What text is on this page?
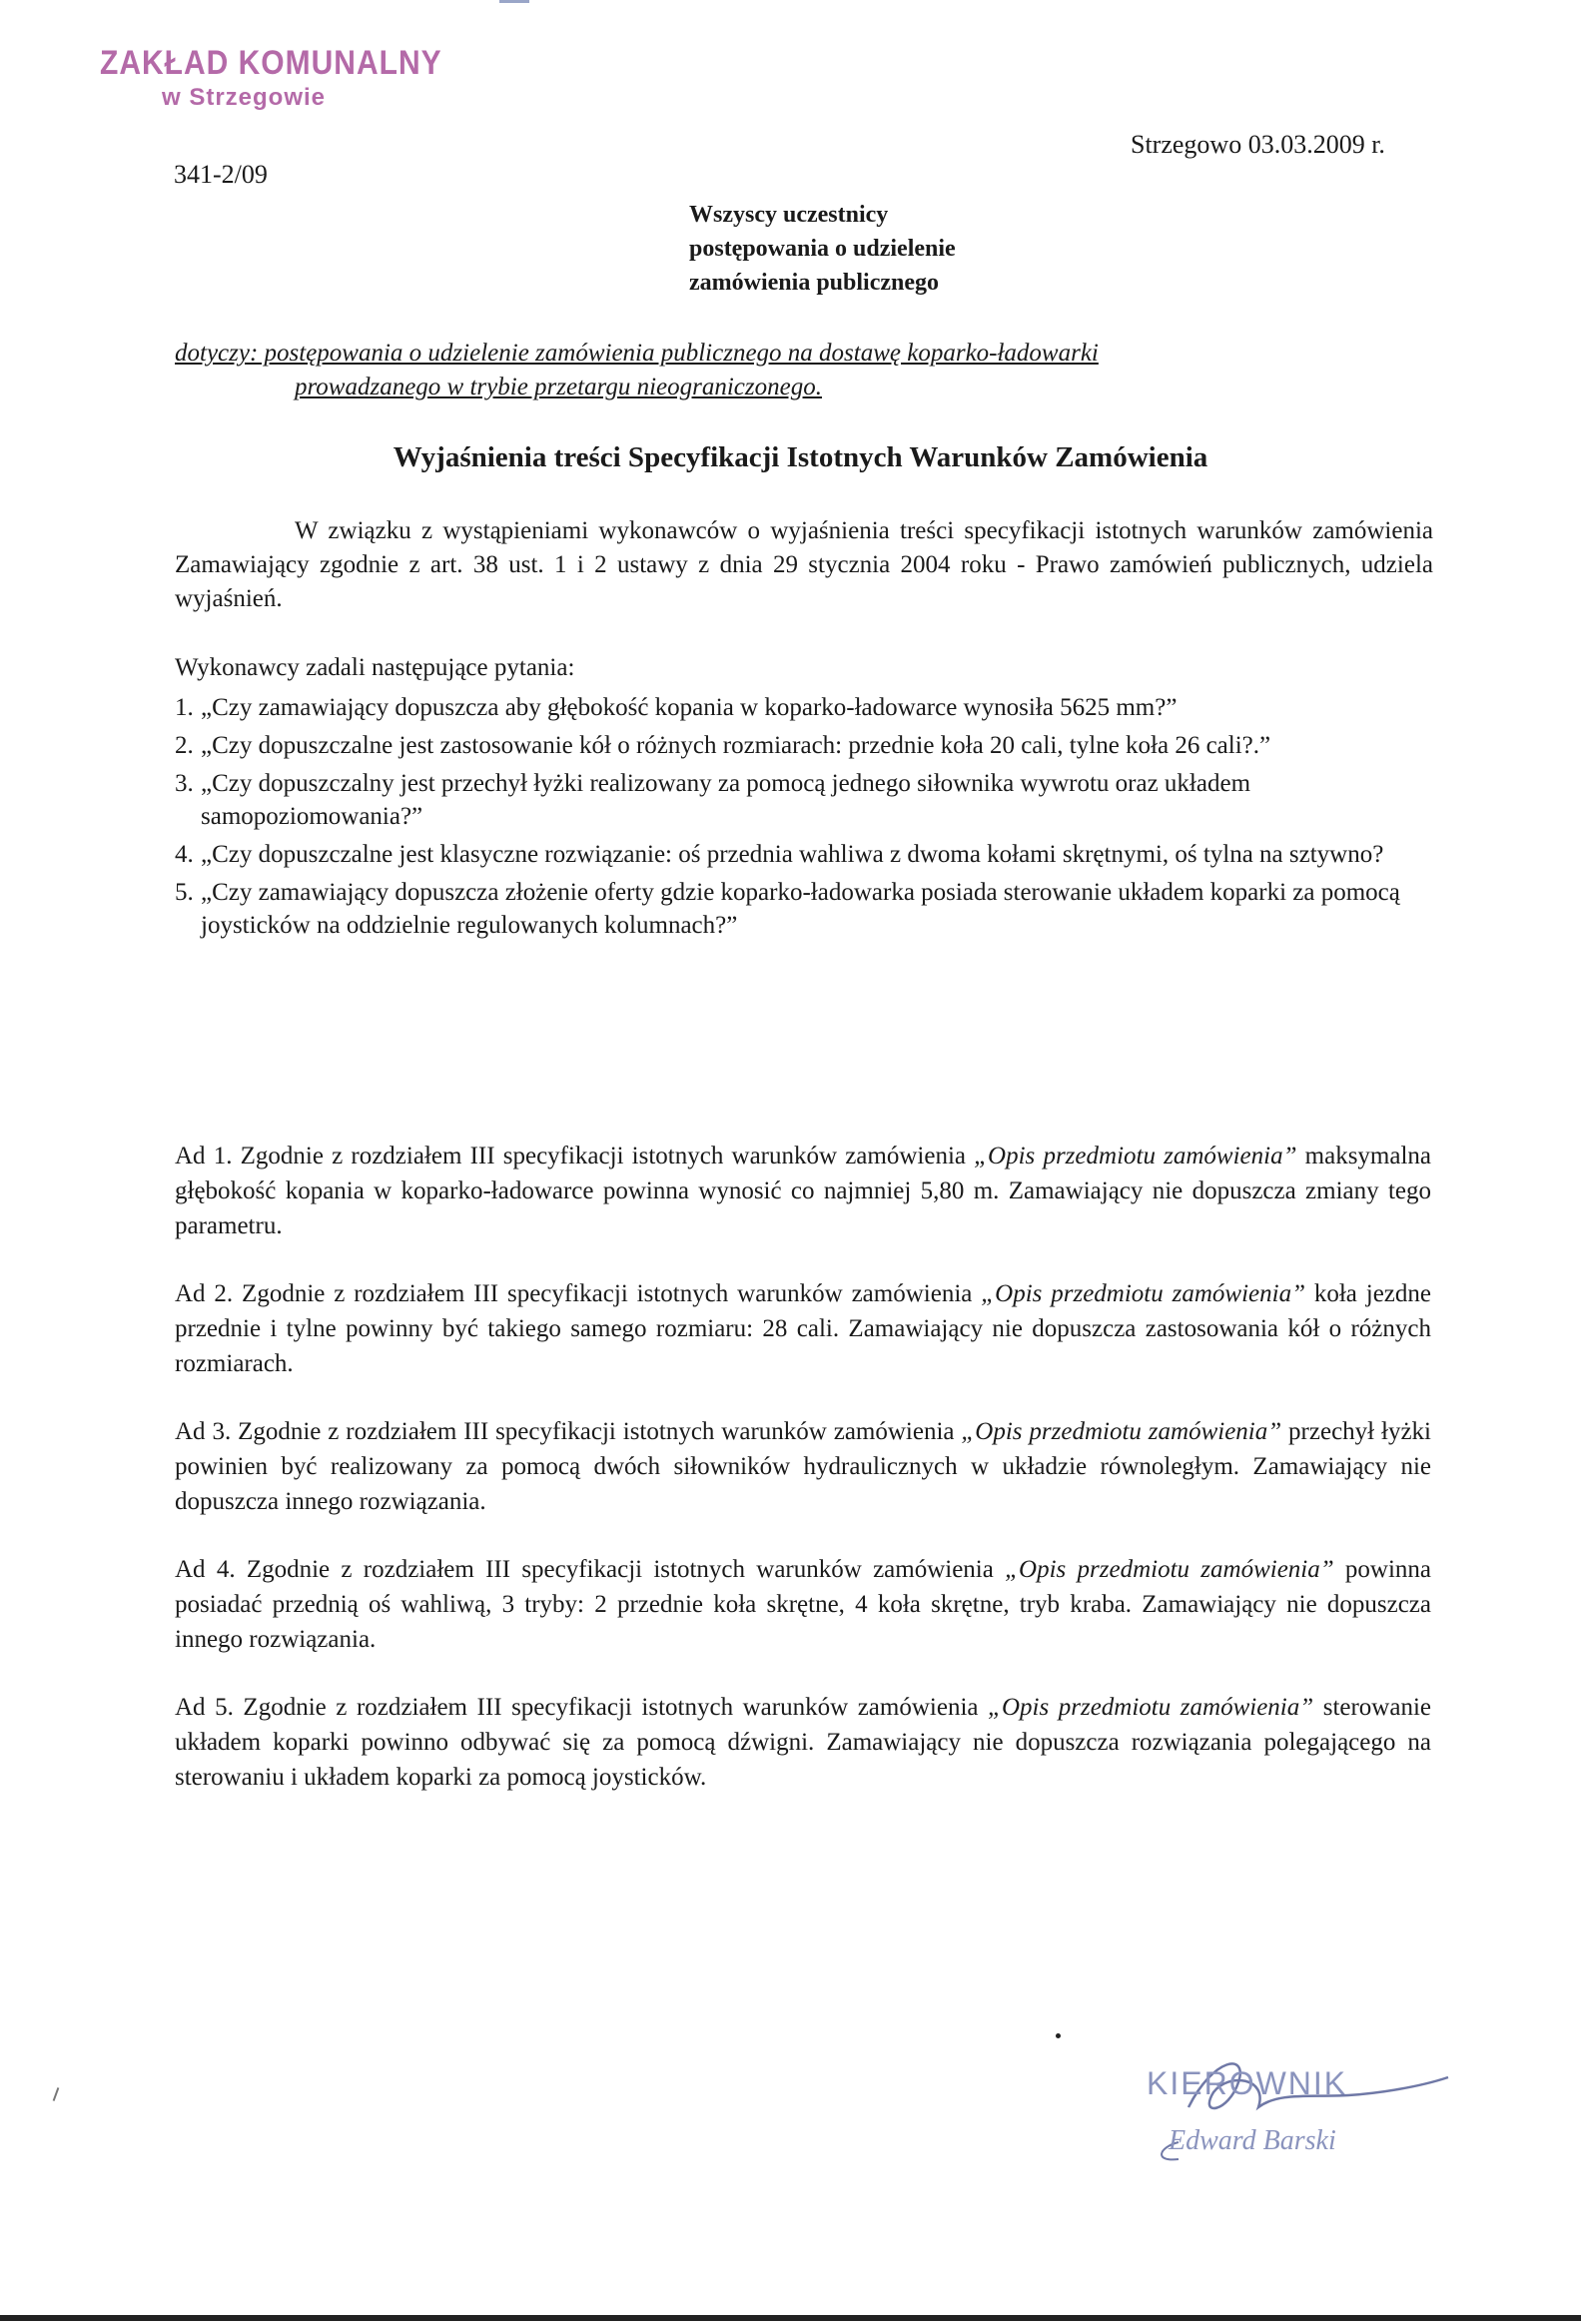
ZAKŁAD KOMUNALNY
w Strzegowie
341-2/09
Strzegowo 03.03.2009 r.
Wszyscy uczestnicy
postępowania o udzielenie
zamówienia publicznego
dotyczy: postępowania o udzielenie zamówienia publicznego na dostawę koparko-ładowarki
prowadzanego w trybie przetargu nieograniczonego.
Wyjaśnienia treści Specyfikacji Istotnych Warunków Zamówienia
W związku z wystąpieniami wykonawców o wyjaśnienia treści specyfikacji istotnych warunków zamówienia Zamawiający zgodnie z art. 38 ust. 1 i 2 ustawy z dnia 29 stycznia 2004 roku - Prawo zamówień publicznych, udziela wyjaśnień.
Wykonawcy zadali następujące pytania:
1. „Czy zamawiający dopuszcza aby głębokość kopania w koparko-ładowarce wynosiła 5625 mm?”
2. „Czy dopuszczalne jest zastosowanie kół o różnych rozmiarach: przednie koła 20 cali, tylne koła 26 cali?.”
3. „Czy dopuszczalny jest przechył łyżki realizowany za pomocą jednego siłownika wywrotu oraz układem samopoziomowania?”
4. „Czy dopuszczalne jest klasyczne rozwiązanie: oś przednia wahliwa z dwoma kołami skrętnymi, oś tylna na sztywno?
5. „Czy zamawiający dopuszcza złożenie oferty gdzie koparko-ładowarka posiada sterowanie układem koparki za pomocą joysticków na oddzielnie regulowanych kolumnach?”

Ad 1. Zgodnie z rozdziałem III specyfikacji istotnych warunków zamówienia „Opis przedmiotu zamówienia” maksymalna głębokość kopania w koparko-ładowarce powinna wynosić co najmniej 5,80 m. Zamawiający nie dopuszcza zmiany tego parametru.

Ad 2. Zgodnie z rozdziałem III specyfikacji istotnych warunków zamówienia „Opis przedmiotu zamówienia” koła jezdne przednie i tylne powinny być takiego samego rozmiaru: 28 cali. Zamawiający nie dopuszcza zastosowania kół o różnych rozmiarach.

Ad 3. Zgodnie z rozdziałem III specyfikacji istotnych warunków zamówienia „Opis przedmiotu zamówienia” przechył łyżki powinien być realizowany za pomocą dwóch siłowników hydraulicznych w układzie równoległym. Zamawiający nie dopuszcza innego rozwiązania.

Ad 4. Zgodnie z rozdziałem III specyfikacji istotnych warunków zamówienia „Opis przedmiotu zamówienia” powinna posiadać przednią oś wahliwą, 3 tryby: 2 przednie koła skrętne, 4 koła skrętne, tryb kraba. Zamawiający nie dopuszcza innego rozwiązania.

Ad 5. Zgodnie z rozdziałem III specyfikacji istotnych warunków zamówienia „Opis przedmiotu zamówienia” sterowanie układem koparki powinno odbywać się za pomocą dźwigni. Zamawiający nie dopuszcza rozwiązania polegającego na sterowaniu i układem koparki za pomocą joysticków.

KIEROWNIK
Edward Barski
